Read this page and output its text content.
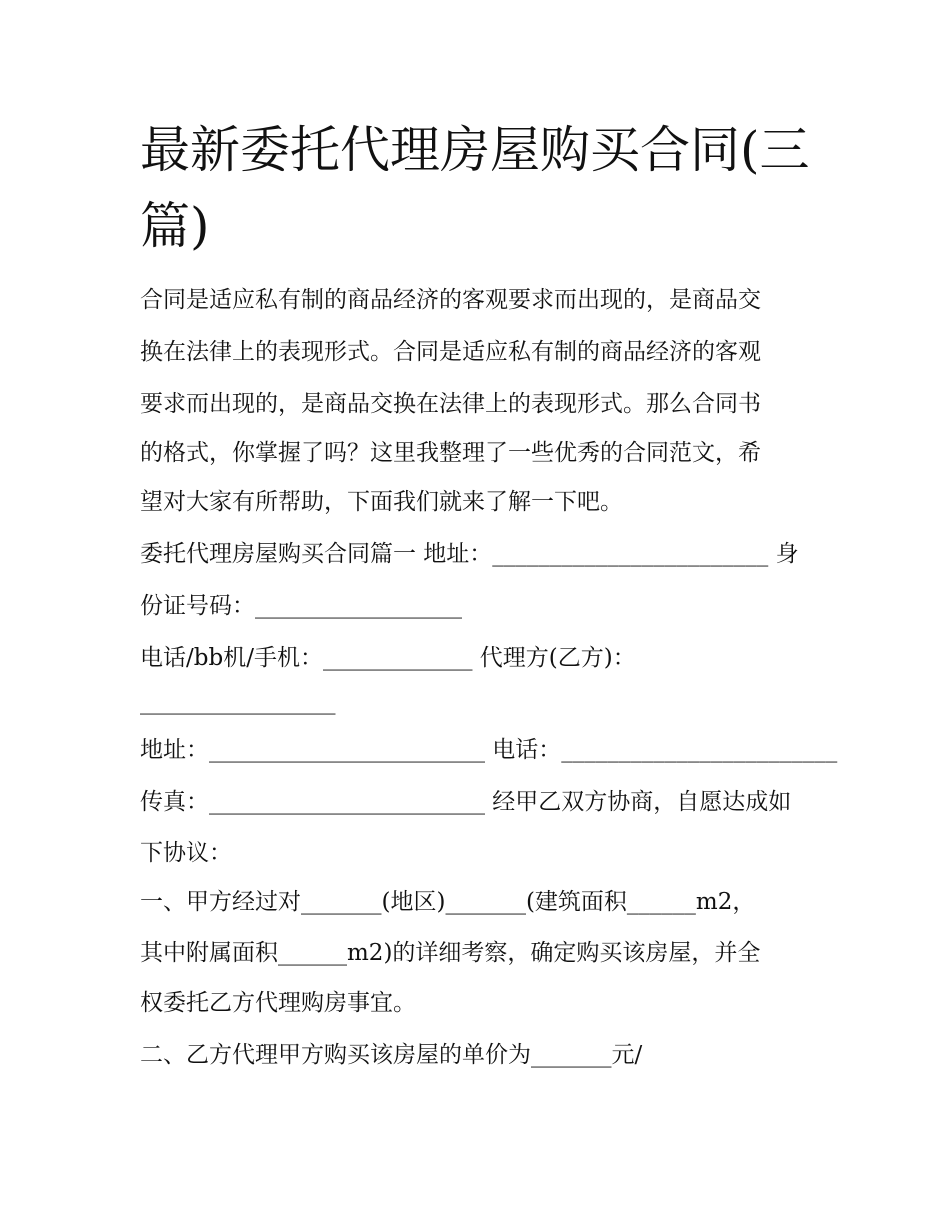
最新委托代理房屋购买合同(三篇)
合同是适应私有制的商品经济的客观要求而出现的，是商品交
换在法律上的表现形式。合同是适应私有制的商品经济的客观
要求而出现的，是商品交换在法律上的表现形式。那么合同书
的格式，你掌握了吗？这里我整理了一些优秀的合同范文，希
望对大家有所帮助，下面我们就来了解一下吧。
委托代理房屋购买合同篇一 地址：________________________ 身
份证号码：__________________
电话/bb机/手机：_____________ 代理方(乙方)：
_________________
地址：________________________ 电话：________________________
传真：________________________ 经甲乙双方协商，自愿达成如
下协议：
一、甲方经过对_______(地区)_______(建筑面积______m2，
其中附属面积______m2)的详细考察，确定购买该房屋，并全
权委托乙方代理购房事宜。
二、乙方代理甲方购买该房屋的单价为_______元/
